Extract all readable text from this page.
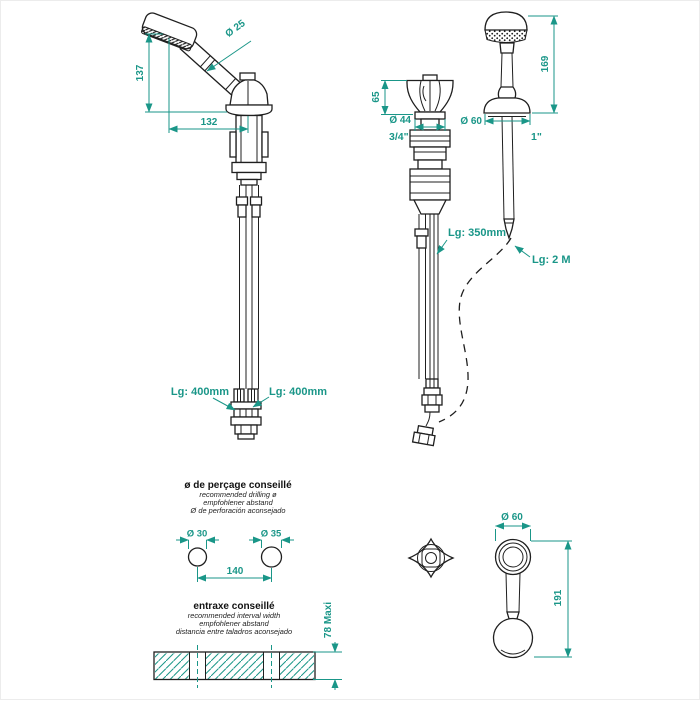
137
132
Ø 25
Lg: 400mm	Lg: 400mm
65
Ø 44
3/4"
Lg: 350mm
169
Ø 60
1"
Lg: 2 M
ø de perçage conseillé
recommended drilling ø
empfohlener abstand
Ø de perforación aconsejado
Ø 30	Ø 35
140
entraxe conseillé
recommended interval width
empfohlener abstand
distancia entre taladros aconsejado	78 Maxi
Ø 60
191
